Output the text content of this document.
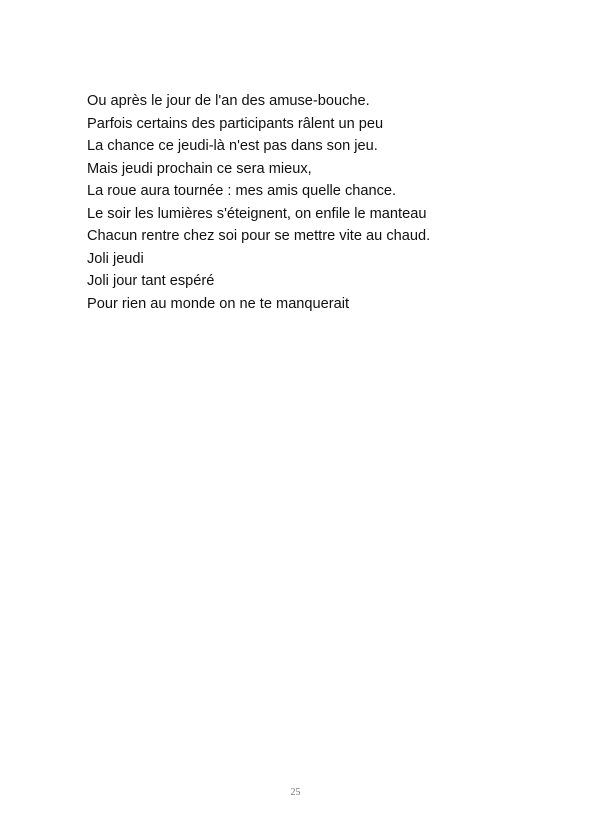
Ou après le jour de l'an des amuse-bouche.
Parfois certains des participants râlent un peu
La chance ce jeudi-là n'est pas dans son jeu.
Mais jeudi prochain ce sera mieux,
La roue aura tournée : mes amis quelle chance.
Le soir les lumières s'éteignent, on enfile le manteau
Chacun rentre chez soi pour se mettre vite au chaud.
Joli jeudi
Joli jour tant espéré
Pour rien au monde on ne te manquerait
25
